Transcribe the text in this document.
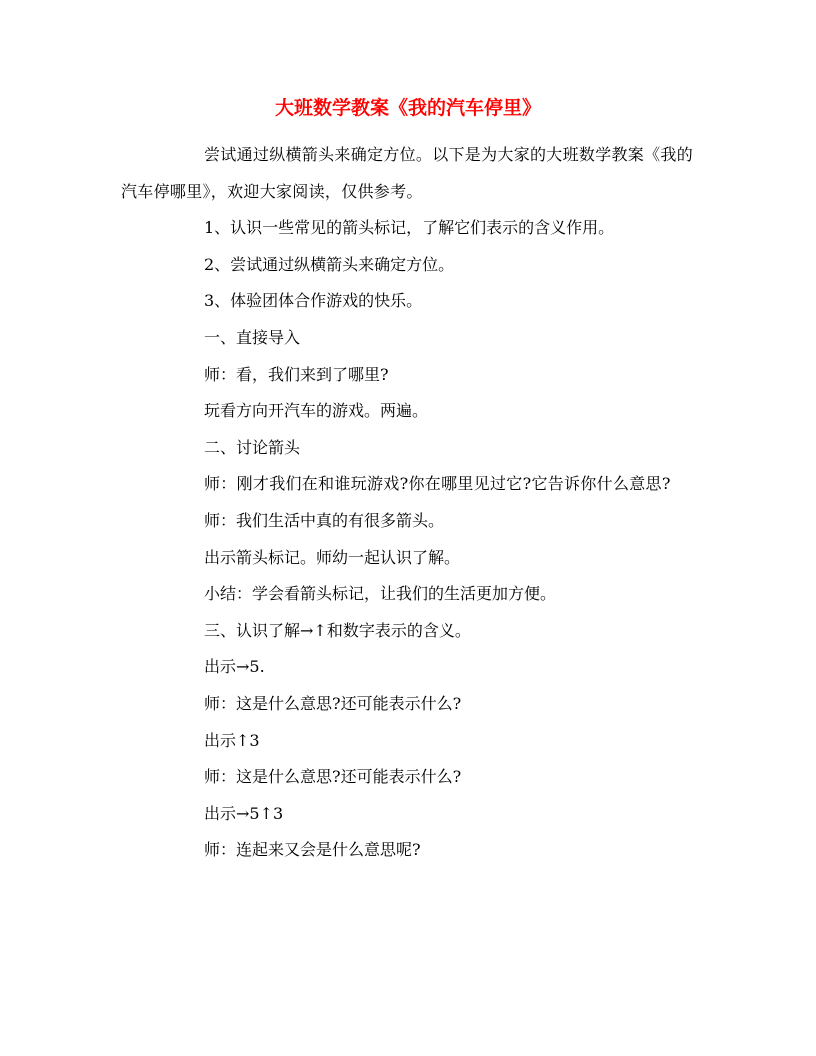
大班数学教案《我的汽车停里》

尝试通过纵横箭头来确定方位。以下是为大家的大班数学教案《我的汽车停哪里》，欢迎大家阅读，仅供参考。

1、认识一些常见的箭头标记，了解它们表示的含义作用。

2、尝试通过纵横箭头来确定方位。

3、体验团体合作游戏的快乐。

一、直接导入

师：看，我们来到了哪里?

玩看方向开汽车的游戏。两遍。

二、讨论箭头

师：刚才我们在和谁玩游戏?你在哪里见过它?它告诉你什么意思?

师：我们生活中真的有很多箭头。

出示箭头标记。师幼一起认识了解。

小结：学会看箭头标记，让我们的生活更加方便。

三、认识了解→↑和数字表示的含义。

出示→5.

师：这是什么意思?还可能表示什么?

出示↑3

师：这是什么意思?还可能表示什么?

出示→5↑3

师：连起来又会是什么意思呢?
